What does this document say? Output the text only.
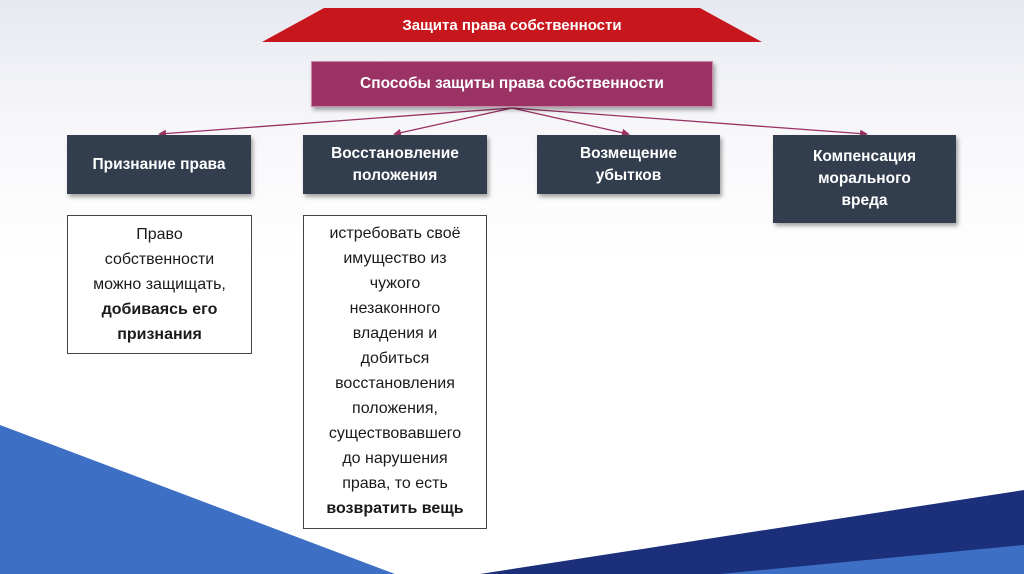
Защита права собственности
Способы защиты права собственности
Признание права
Восстановление
положения
Возмещение
убытков
Компенсация
морального
вреда
Право
собственности
можно защищать,
добиваясь его
признания
истребовать своё
имущество из
чужого
незаконного
владения и
добиться
восстановления
положения,
существовавшего
до нарушения
права, то есть
возвратить вещь
